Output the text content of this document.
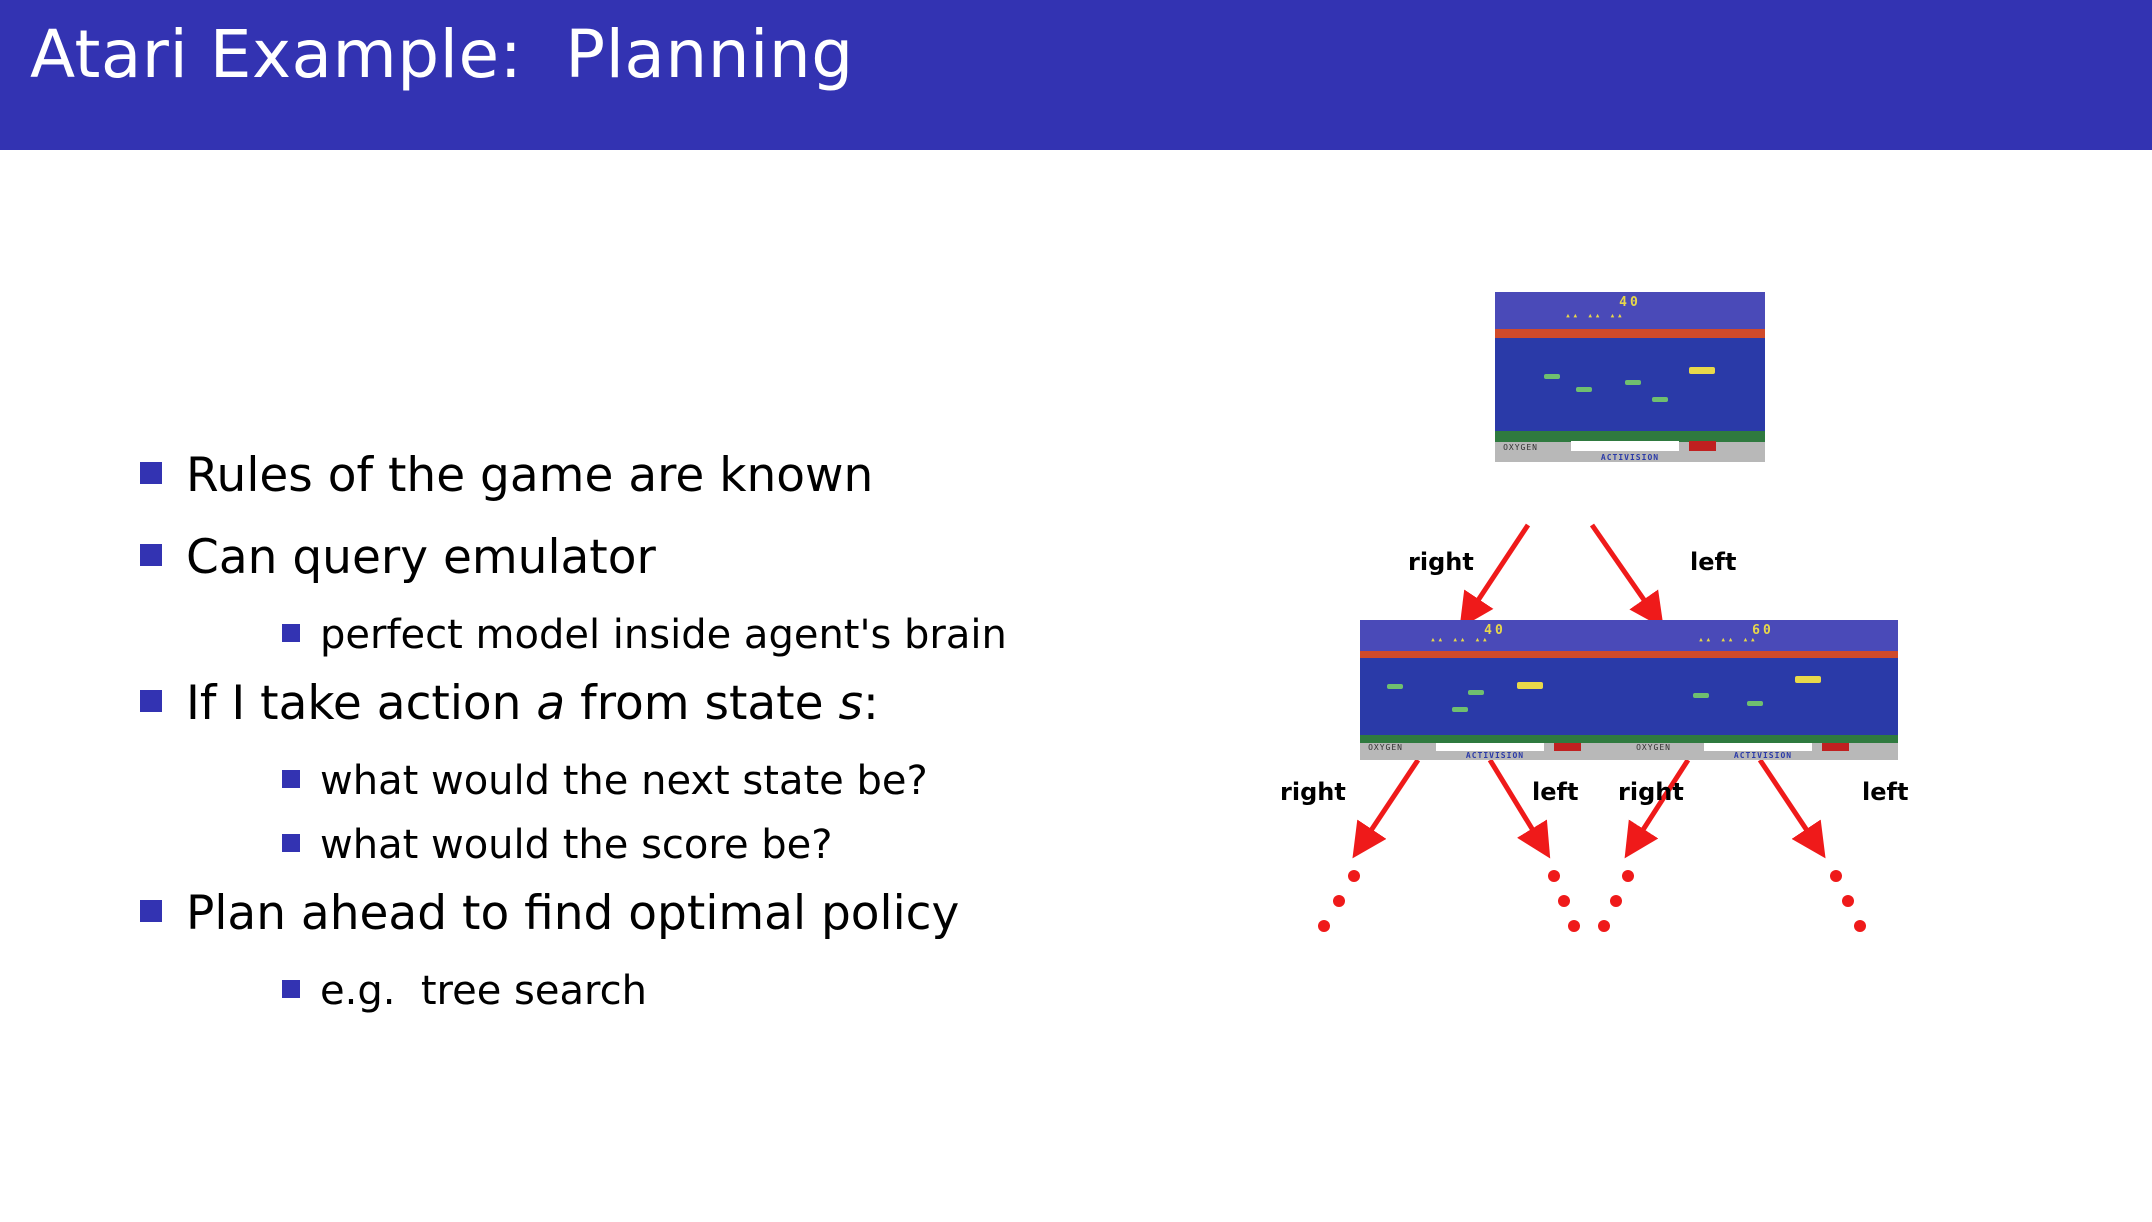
Atari Example:  Planning
Rules of the game are known
Can query emulator
perfect model inside agent's brain
If I take action a from state s:
what would the next state be?
what would the score be?
Plan ahead to find optimal policy
e.g.  tree search
40
▴▴ ▴▴ ▴▴
OXYGEN
ACTIVISION
right	left
40
▴▴ ▴▴ ▴▴
OXYGEN
ACTIVISION
60
▴▴ ▴▴ ▴▴
OXYGEN
ACTIVISION
right	left right	left
